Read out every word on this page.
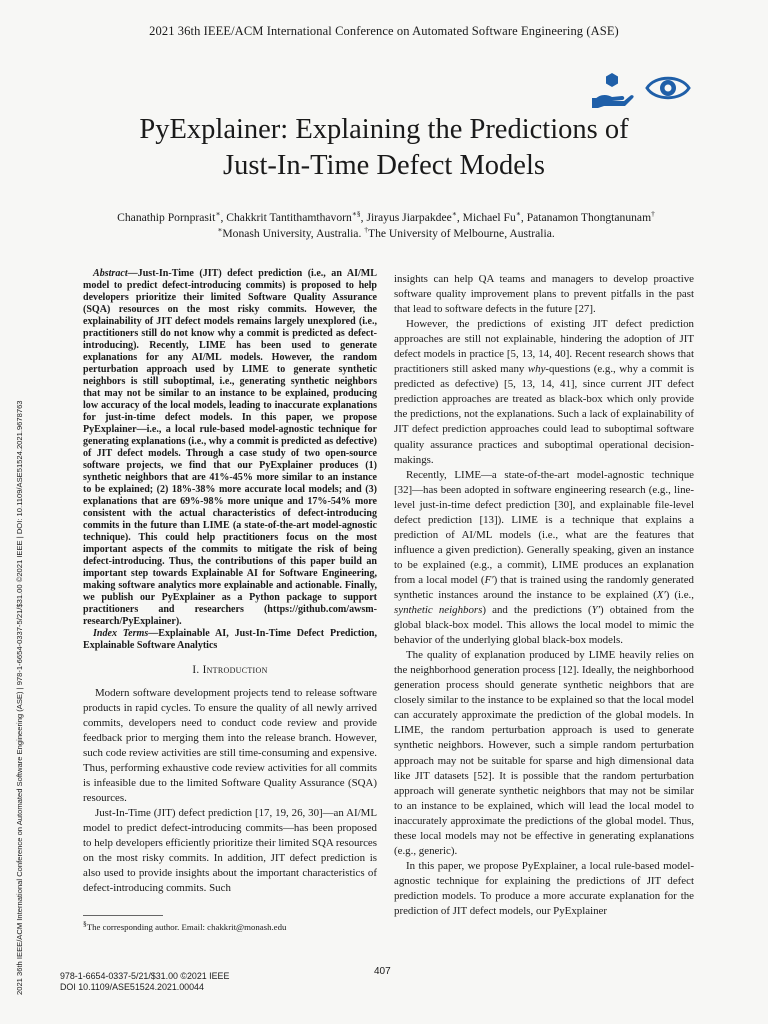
2021 36th IEEE/ACM International Conference on Automated Software Engineering (ASE)
2021 36th IEEE/ACM International Conference on Automated Software Engineering (ASE) | 978-1-6654-0337-5/21/$31.00 ©2021 IEEE | DOI: 10.1109/ASE51524.2021.9678763
PyExplainer: Explaining the Predictions of
Just-In-Time Defect Models
Chanathip Pornprasit∗, Chakkrit Tantithamthavorn∗§, Jirayus Jiarpakdee∗, Michael Fu∗, Patanamon Thongtanunam†
∗Monash University, Australia. †The University of Melbourne, Australia.

Abstract—Just-In-Time (JIT) defect prediction (i.e., an AI/ML model to predict defect-introducing commits) is proposed to help developers prioritize their limited Software Quality Assurance (SQA) resources on the most risky commits. However, the explainability of JIT defect models remains largely unexplored (i.e., practitioners still do not know why a commit is predicted as defect-introducing). Recently, LIME has been used to generate explanations for any AI/ML models. However, the random perturbation approach used by LIME to generate synthetic neighbors is still suboptimal, i.e., generating synthetic neighbors that may not be similar to an instance to be explained, producing low accuracy of the local models, leading to inaccurate explanations for just-in-time defect models. In this paper, we propose PyExplainer—i.e., a local rule-based model-agnostic technique for generating explanations (i.e., why a commit is predicted as defective) of JIT defect models. Through a case study of two open-source software projects, we find that our PyExplainer produces (1) synthetic neighbors that are 41%-45% more similar to an instance to be explained; (2) 18%-38% more accurate local models; and (3) explanations that are 69%-98% more unique and 17%-54% more consistent with the actual characteristics of defect-introducing commits in the future than LIME (a state-of-the-art model-agnostic technique). This could help practitioners focus on the most important aspects of the commits to mitigate the risk of being defect-introducing. Thus, the contributions of this paper build an important step towards Explainable AI for Software Engineering, making software analytics more explainable and actionable. Finally, we publish our PyExplainer as a Python package to support practitioners and researchers (https://github.com/awsm-research/PyExplainer).

Index Terms—Explainable AI, Just-In-Time Defect Prediction, Explainable Software Analytics

I. Introduction

Modern software development projects tend to release software products in rapid cycles. To ensure the quality of all newly arrived commits, developers need to conduct code review and provide feedback prior to merging them into the release branch. However, such code review activities are still time-consuming and expensive. Thus, performing exhaustive code review activities for all commits is infeasible due to the limited Software Quality Assurance (SQA) resources.

Just-In-Time (JIT) defect prediction [17, 19, 26, 30]—an AI/ML model to predict defect-introducing commits—has been proposed to help developers efficiently prioritize their limited SQA resources on the most risky commits. In addition, JIT defect prediction is also used to provide insights about the important characteristics of defect-introducing commits. Such

§The corresponding author. Email: chakkrit@monash.edu

insights can help QA teams and managers to develop proactive software quality improvement plans to prevent pitfalls in the past that lead to software defects in the future [27].

However, the predictions of existing JIT defect prediction approaches are still not explainable, hindering the adoption of JIT defect models in practice [5, 13, 14, 40]. Recent research shows that practitioners still asked many why-questions (e.g., why a commit is predicted as defective) [5, 13, 14, 41], since current JIT defect prediction approaches are treated as black-box which only provide the predictions, not the explanations. Such a lack of explainability of JIT defect prediction approaches could lead to suboptimal software quality assurance practices and suboptimal operational decision-makings.

Recently, LIME—a state-of-the-art model-agnostic technique [32]—has been adopted in software engineering research (e.g., line-level just-in-time defect prediction [30], and explainable file-level defect prediction [13]). LIME is a technique that explains a prediction of AI/ML models (i.e., what are the features that influence a given prediction). Generally speaking, given an instance to be explained (e.g., a commit), LIME produces an explanation from a local model (F′) that is trained using the randomly generated synthetic instances around the instance to be explained (X′) (i.e., synthetic neighbors) and the predictions (Y′) obtained from the global black-box model. This allows the local model to mimic the behavior of the underlying global black-box models.

The quality of explanation produced by LIME heavily relies on the neighborhood generation process [12]. Ideally, the neighborhood generation process should generate synthetic neighbors that are closely similar to the instance to be explained so that the local model can accurately approximate the prediction of the global models. In LIME, the random perturbation approach is used to generate synthetic neighbors. However, such a simple random perturbation approach may not be suitable for sparse and high dimensional data like JIT datasets [52]. It is possible that the random perturbation approach will generate synthetic neighbors that may not be similar to an instance to be explained, which will lead the local model to inaccurately approximate the predictions of the global model. Thus, these local models may not be effective in generating explanations (e.g., generic).

In this paper, we propose PyExplainer, a local rule-based model-agnostic technique for explaining the predictions of JIT defect prediction models. To produce a more accurate explanation for the prediction of JIT defect models, our PyExplainer

978-1-6654-0337-5/21/$31.00 ©2021 IEEE
DOI 10.1109/ASE51524.2021.00044
407
